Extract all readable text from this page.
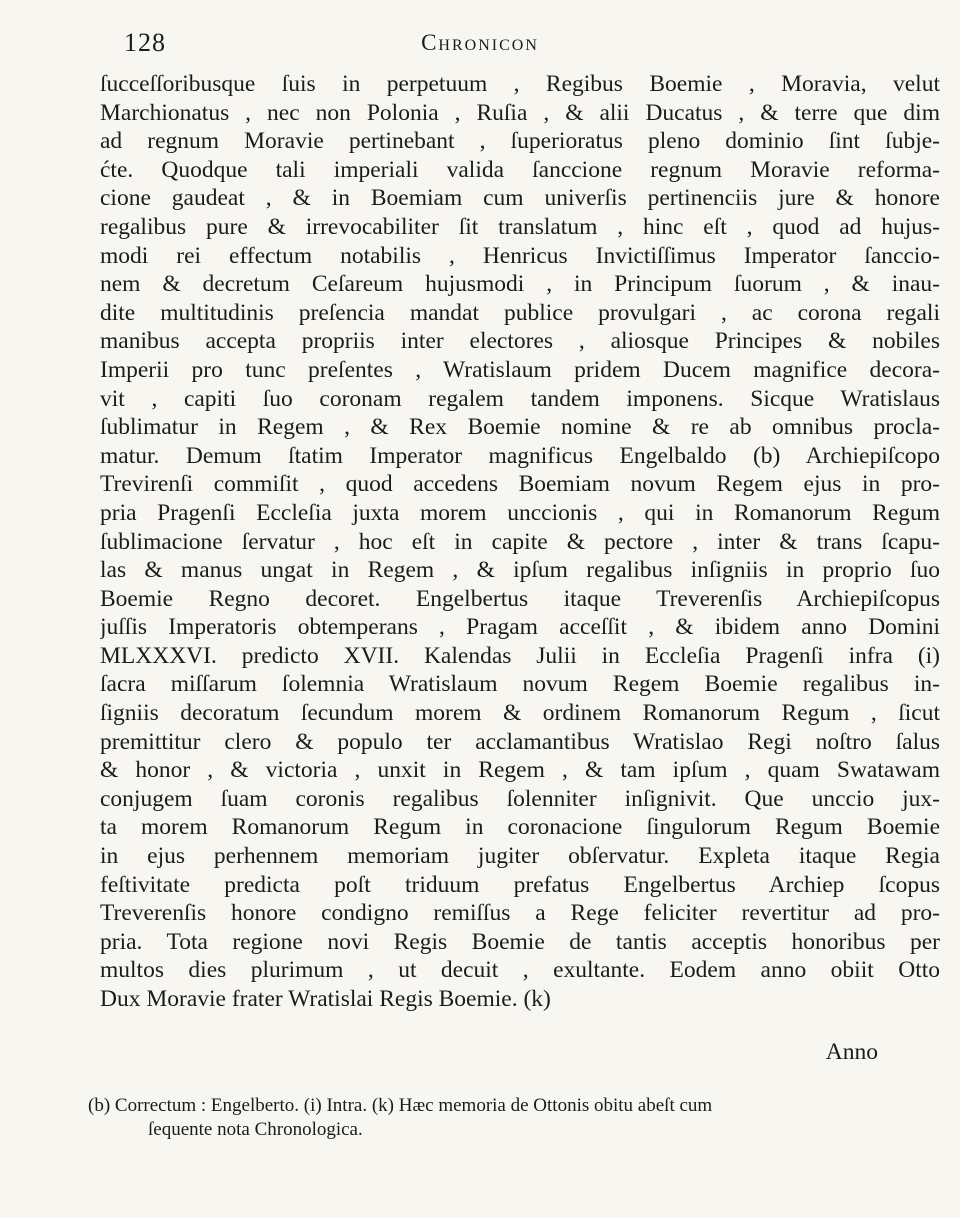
128	Chronicon
ſucceſſoribusque ſuis in perpetuum , Regibus Boemie , Moravia, velut
Marchionatus , nec non Polonia , Ruſia , & alii Ducatus , & terre que dim
ad regnum Moravie pertinebant , ſuperioratus pleno dominio ſint ſubje-
ćte. Quodque tali imperiali valida ſanccione regnum Moravie reforma-
cione gaudeat , & in Boemiam cum univerſis pertinenciis jure & honore
regalibus pure & irrevocabiliter ſit translatum , hinc eſt , quod ad hujus-
modi rei effectum notabilis , Henricus Invictiſſimus Imperator ſanccio-
nem & decretum Ceſareum hujusmodi , in Principum ſuorum , & inau-
dite multitudinis preſencia mandat publice provulgari , ac corona regali
manibus accepta propriis inter electores , aliosque Principes & nobiles
Imperii pro tunc preſentes , Wratislaum pridem Ducem magnifice decora-
vit , capiti ſuo coronam regalem tandem imponens. Sicque Wratislaus
ſublimatur in Regem , & Rex Boemie nomine & re ab omnibus procla-
matur. Demum ſtatim Imperator magnificus Engelbaldo (b) Archiepiſcopo
Trevirenſi commiſit , quod accedens Boemiam novum Regem ejus in pro-
pria Pragenſi Eccleſia juxta morem unccionis , qui in Romanorum Regum
ſublimacione ſervatur , hoc eſt in capite & pectore , inter & trans ſcapu-
las & manus ungat in Regem , & ipſum regalibus inſigniis in proprio ſuo
Boemie Regno decoret. Engelbertus itaque Treverenſis Archiepiſcopus
juſſis Imperatoris obtemperans , Pragam acceſſit , & ibidem anno Domini
MLXXXVI. predicto XVII. Kalendas Julii in Eccleſia Pragenſi infra (i)
ſacra miſſarum ſolemnia Wratislaum novum Regem Boemie regalibus in-
ſigniis decoratum ſecundum morem & ordinem Romanorum Regum , ſicut
premittitur clero & populo ter acclamantibus Wratislao Regi noſtro ſalus
& honor , & victoria , unxit in Regem , & tam ipſum , quam Swatawam
conjugem ſuam coronis regalibus ſolenniter inſignivit. Que unccio jux-
ta morem Romanorum Regum in coronacione ſingulorum Regum Boemie
in ejus perhennem memoriam jugiter obſervatur. Expleta itaque Regia
feſtivitate predicta poſt triduum prefatus Engelbertus Archiep ſcopus
Treverenſis honore condigno remiſſus a Rege feliciter revertitur ad pro-
pria. Tota regione novi Regis Boemie de tantis acceptis honoribus per
multos dies plurimum , ut decuit , exultante. Eodem anno obiit Otto
Dux Moravie frater Wratislai Regis Boemie. (k)
Anno
(b) Correctum : Engelberto. (i) Intra. (k) Hæc memoria de Ottonis obitu abeſt cum
ſequente nota Chronologica.
